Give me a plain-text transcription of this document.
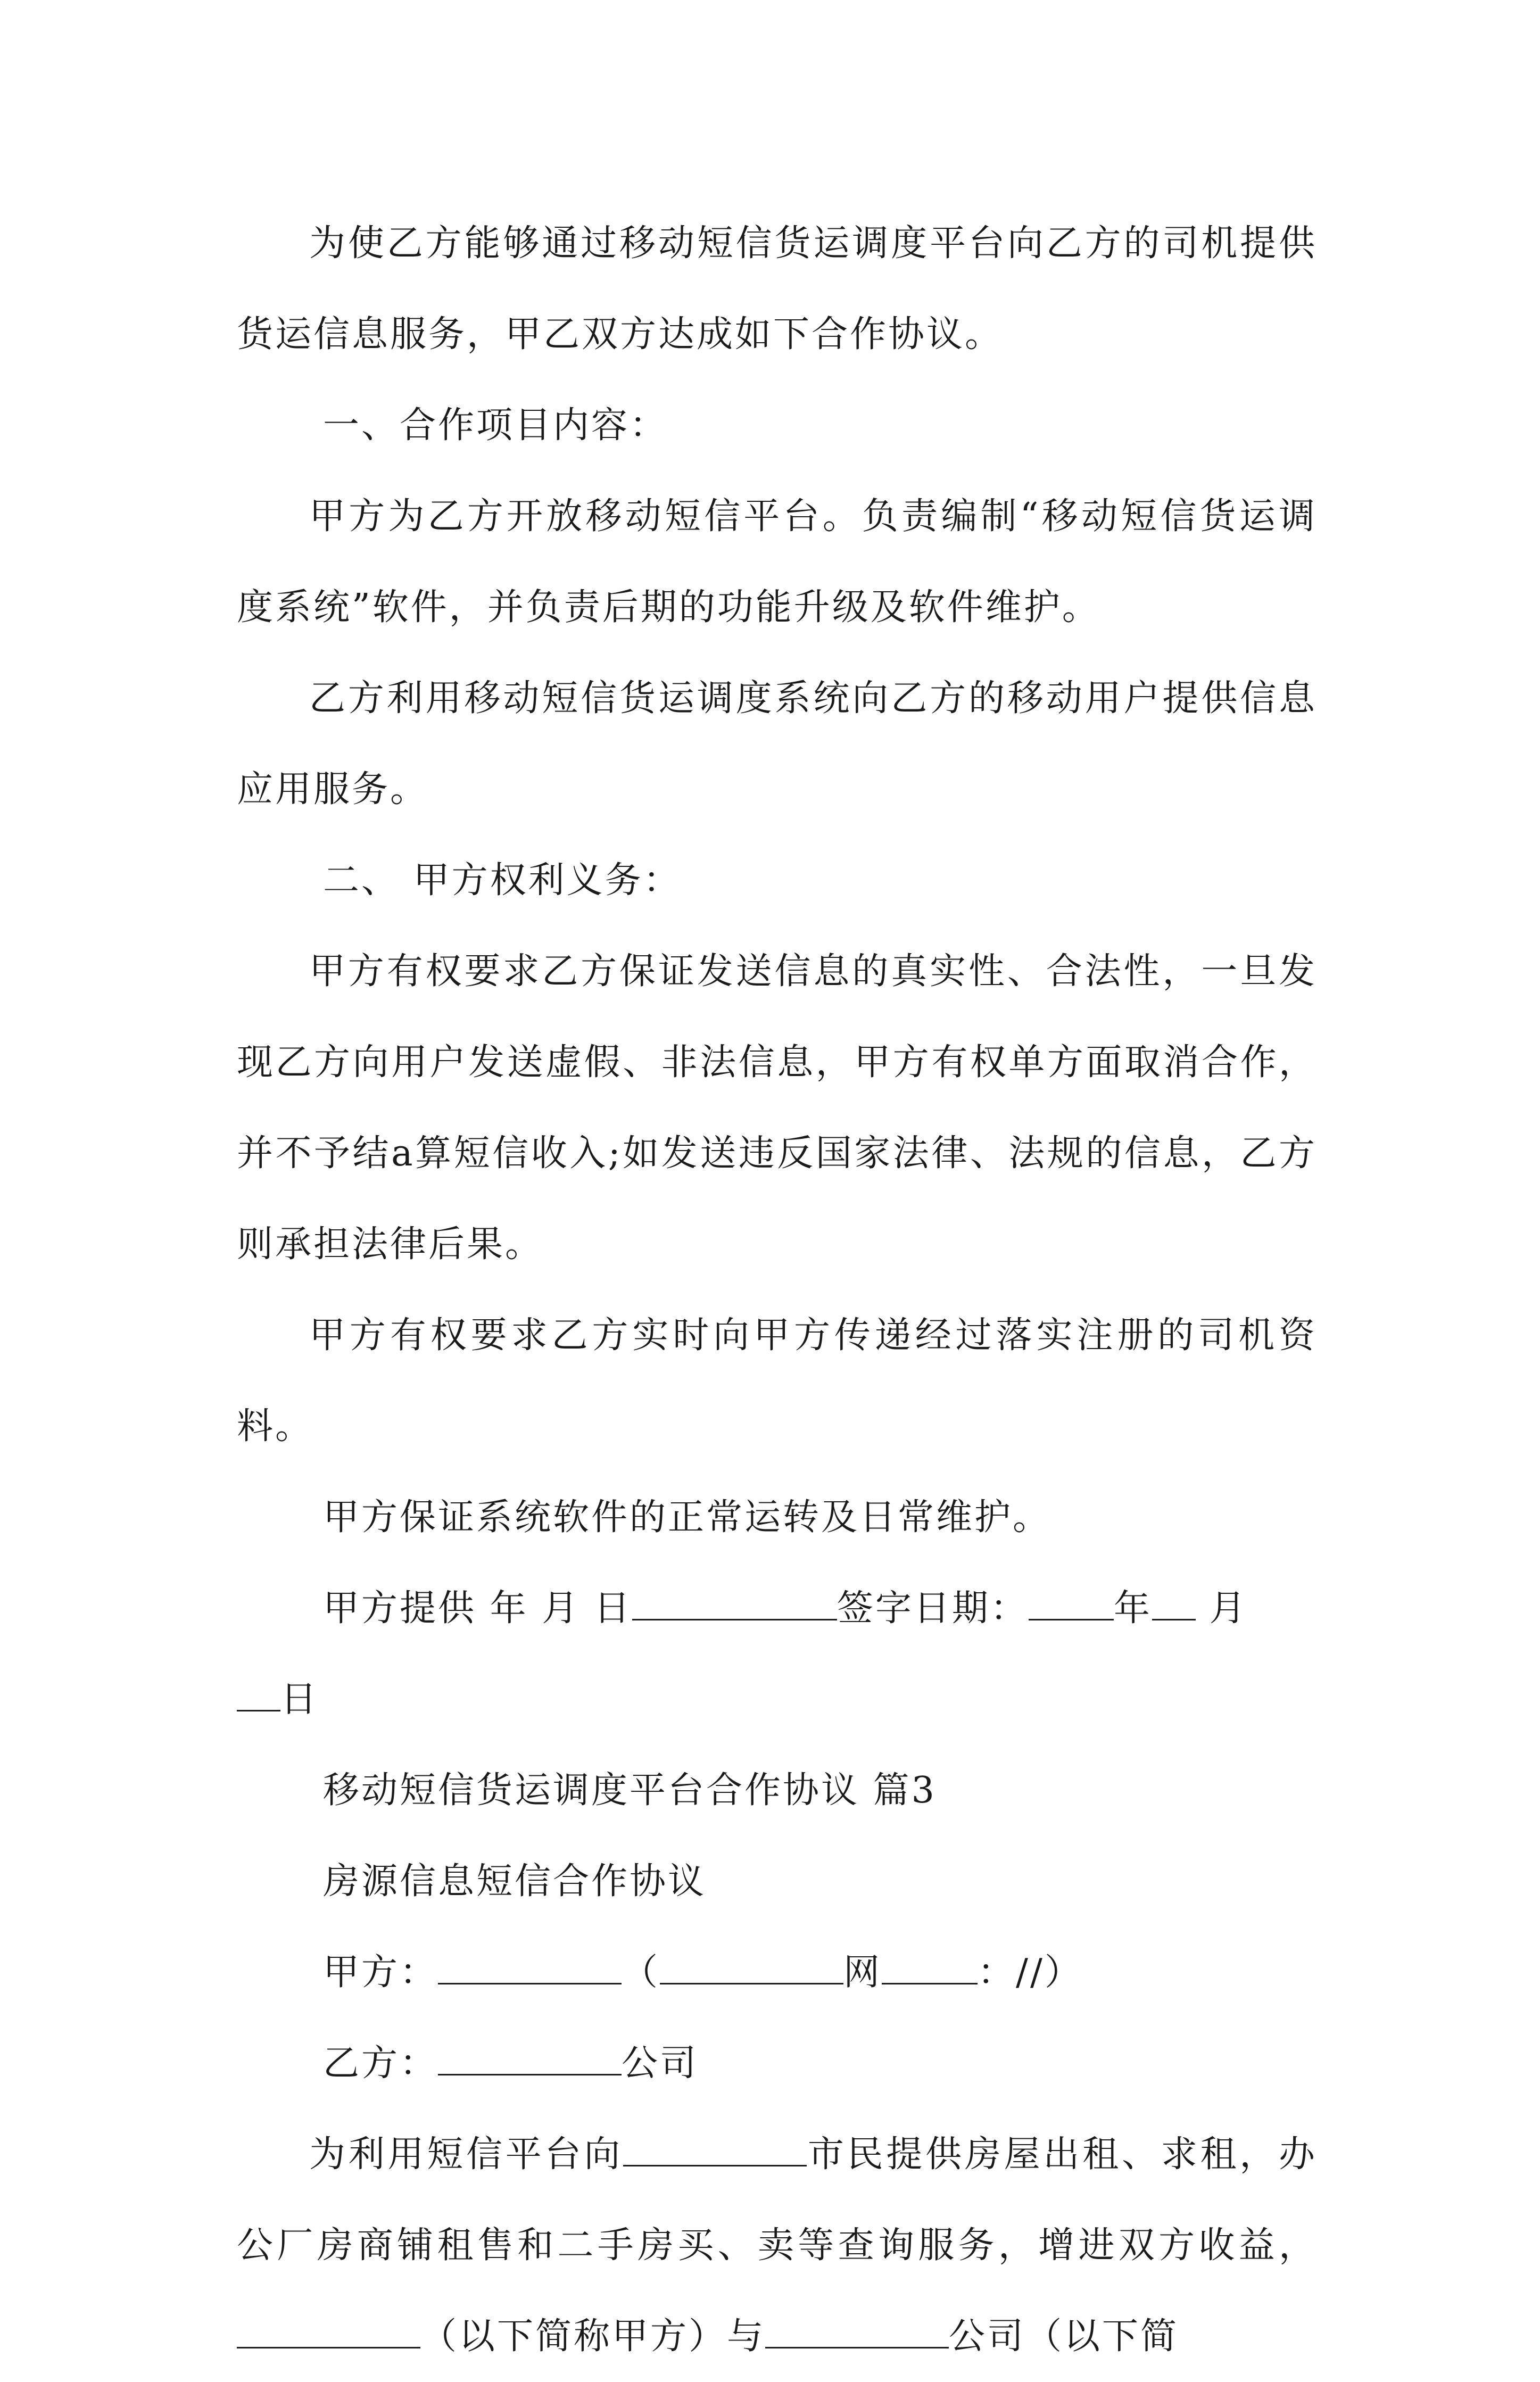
为使乙方能够通过移动短信货运调度平台向乙方的司机提供货运信息服务，甲乙双方达成如下合作协议。

一、合作项目内容：

甲方为乙方开放移动短信平台。负责编制“移动短信货运调度系统”软件，并负责后期的功能升级及软件维护。

乙方利用移动短信货运调度系统向乙方的移动用户提供信息应用服务。

二、 甲方权利义务：

甲方有权要求乙方保证发送信息的真实性、合法性，一旦发现乙方向用户发送虚假、非法信息，甲方有权单方面取消合作，并不予结a算短信收入;如发送违反国家法律、法规的信息，乙方则承担法律后果。

甲方有权要求乙方实时向甲方传递经过落实注册的司机资料。

甲方保证系统软件的正常运转及日常维护。

甲方提供 年 月 日	签字日期： 年 月

日

移动短信货运调度平台合作协议 篇3

房源信息短信合作协议

甲方：	（	网	：//）

乙方：	公司

为利用短信平台向	市民提供房屋出租、求租，办公厂房商铺租售和二手房买、卖等查询服务，增进双方收益，（以下简称甲方）与	公司（以下简
